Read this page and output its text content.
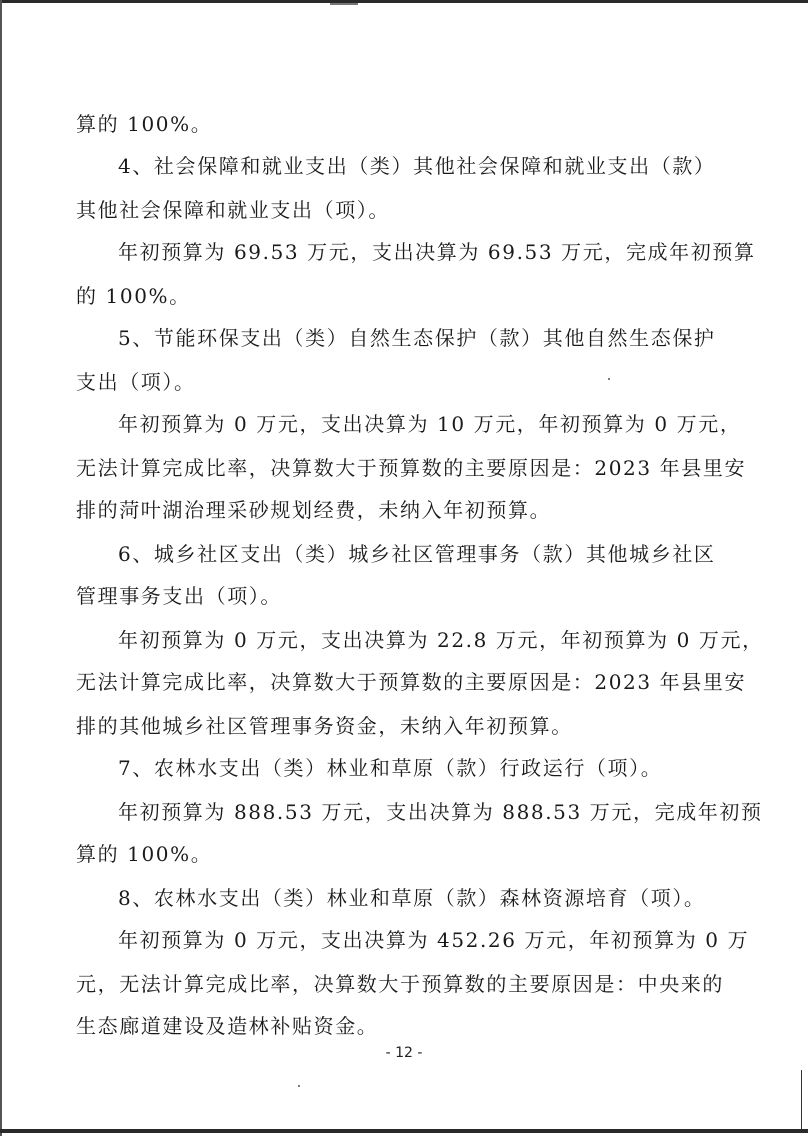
算的 100%。
4、社会保障和就业支出（类）其他社会保障和就业支出（款）
其他社会保障和就业支出（项）。
年初预算为 69.53 万元，支出决算为 69.53 万元，完成年初预算
的 100%。
5、节能环保支出（类）自然生态保护（款）其他自然生态保护
支出（项）。
年初预算为 0 万元，支出决算为 10 万元，年初预算为 0 万元，
无法计算完成比率，决算数大于预算数的主要原因是：2023 年县里安
排的菏叶湖治理采砂规划经费，未纳入年初预算。
6、城乡社区支出（类）城乡社区管理事务（款）其他城乡社区
管理事务支出（项）。
年初预算为 0 万元，支出决算为 22.8 万元，年初预算为 0 万元，
无法计算完成比率，决算数大于预算数的主要原因是：2023 年县里安
排的其他城乡社区管理事务资金，未纳入年初预算。
7、农林水支出（类）林业和草原（款）行政运行（项）。
年初预算为 888.53 万元，支出决算为 888.53 万元，完成年初预
算的 100%。
8、农林水支出（类）林业和草原（款）森林资源培育（项）。
年初预算为 0 万元，支出决算为 452.26 万元，年初预算为 0 万
元，无法计算完成比率，决算数大于预算数的主要原因是：中央来的
生态廊道建设及造林补贴资金。
- 12 -
